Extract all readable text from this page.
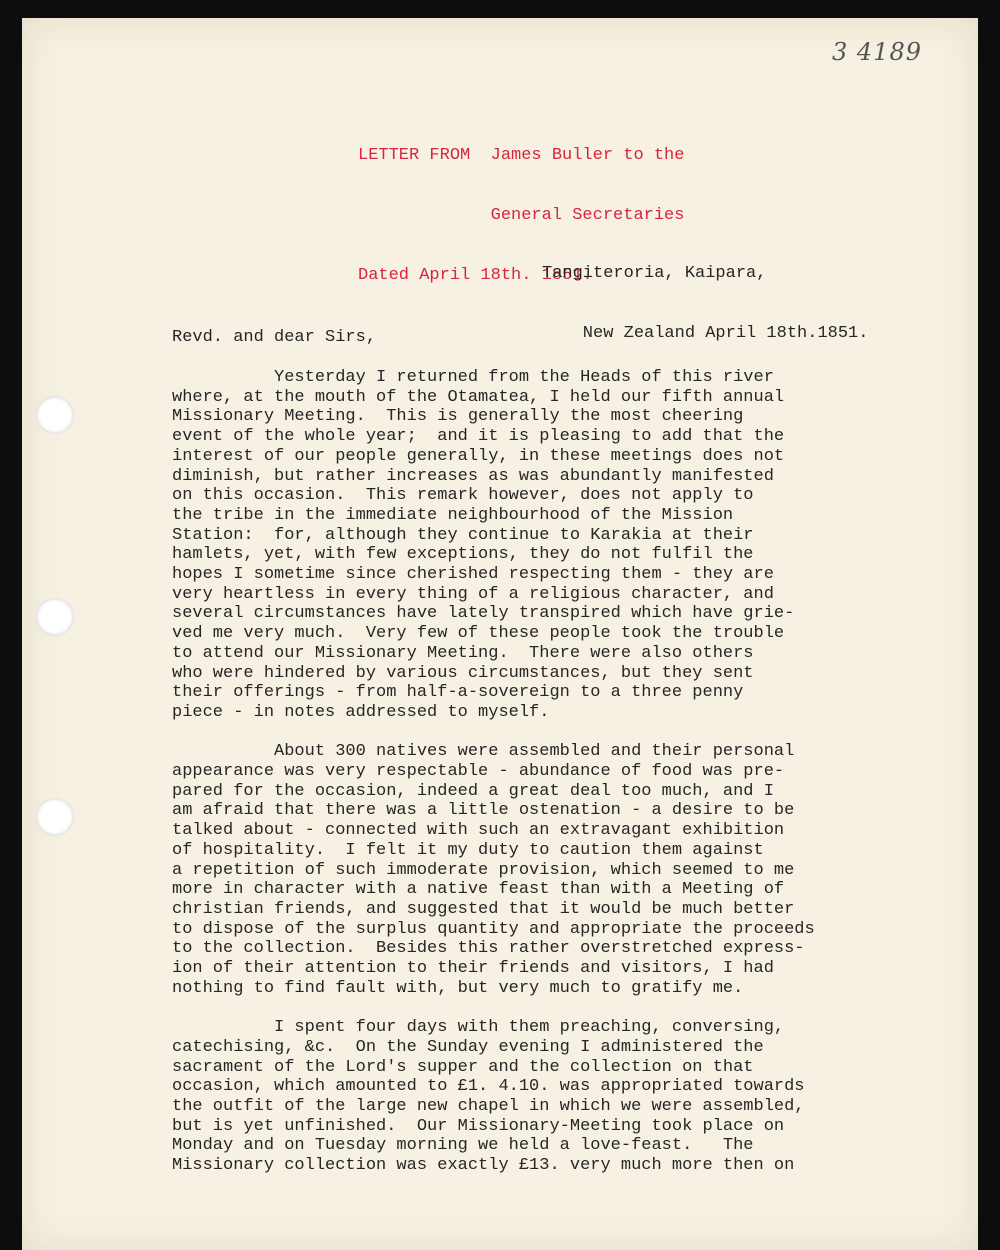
3 4189

LETTER FROM  James Buller to the

General Secretaries

Dated April 18th. 1851.

Tangiteroria, Kaipara,

New Zealand April 18th.1851.

Revd. and dear Sirs,
Yesterday I returned from the Heads of this river
where, at the mouth of the Otamatea, I held our fifth annual
Missionary Meeting.  This is generally the most cheering
event of the whole year;  and it is pleasing to add that the
interest of our people generally, in these meetings does not
diminish, but rather increases as was abundantly manifested
on this occasion.  This remark however, does not apply to
the tribe in the immediate neighbourhood of the Mission
Station:  for, although they continue to Karakia at their
hamlets, yet, with few exceptions, they do not fulfil the
hopes I sometime since cherished respecting them - they are
very heartless in every thing of a religious character, and
several circumstances have lately transpired which have grie-
ved me very much.  Very few of these people took the trouble
to attend our Missionary Meeting.  There were also others
who were hindered by various circumstances, but they sent
their offerings - from half-a-sovereign to a three penny
piece - in notes addressed to myself.
About 300 natives were assembled and their personal
appearance was very respectable - abundance of food was pre-
pared for the occasion, indeed a great deal too much, and I
am afraid that there was a little ostenation - a desire to be
talked about - connected with such an extravagant exhibition
of hospitality.  I felt it my duty to caution them against
a repetition of such immoderate provision, which seemed to me
more in character with a native feast than with a Meeting of
christian friends, and suggested that it would be much better
to dispose of the surplus quantity and appropriate the proceeds
to the collection.  Besides this rather overstretched express-
ion of their attention to their friends and visitors, I had
nothing to find fault with, but very much to gratify me.
I spent four days with them preaching, conversing,
catechising, &c.  On the Sunday evening I administered the
sacrament of the Lord's supper and the collection on that
occasion, which amounted to £1. 4.10. was appropriated towards
the outfit of the large new chapel in which we were assembled,
but is yet unfinished.  Our Missionary-Meeting took place on
Monday and on Tuesday morning we held a love-feast.   The
Missionary collection was exactly £13. very much more then on
